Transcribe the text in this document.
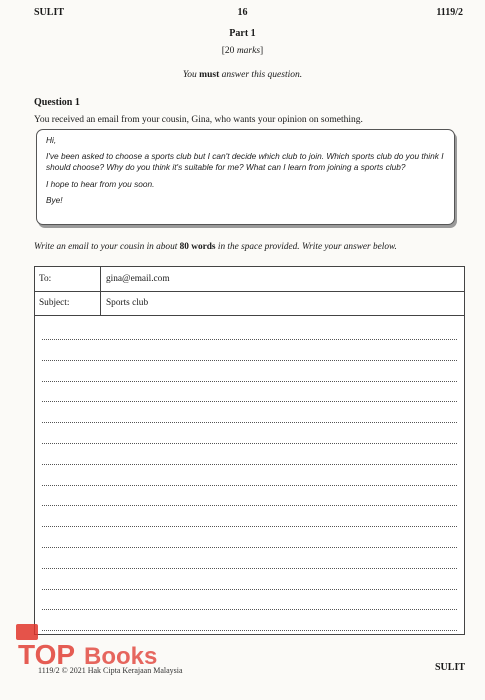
SULIT	16	1119/2
Part 1
[20 marks]
You must answer this question.
Question 1
You received an email from your cousin, Gina, who wants your opinion on something.

Hi,

I've been asked to choose a sports club but I can't decide which club to join. Which sports club do you think I should choose? Why do you think it's suitable for me? What can I learn from joining a sports club?

I hope to hear from you soon.

Bye!

Write an email to your cousin in about 80 words in the space provided. Write your answer below.
To:	gina@email.com
Subject:	Sports club
TOP Books
1119/2 © 2021 Hak Cipta Kerajaan Malaysia	SULIT
